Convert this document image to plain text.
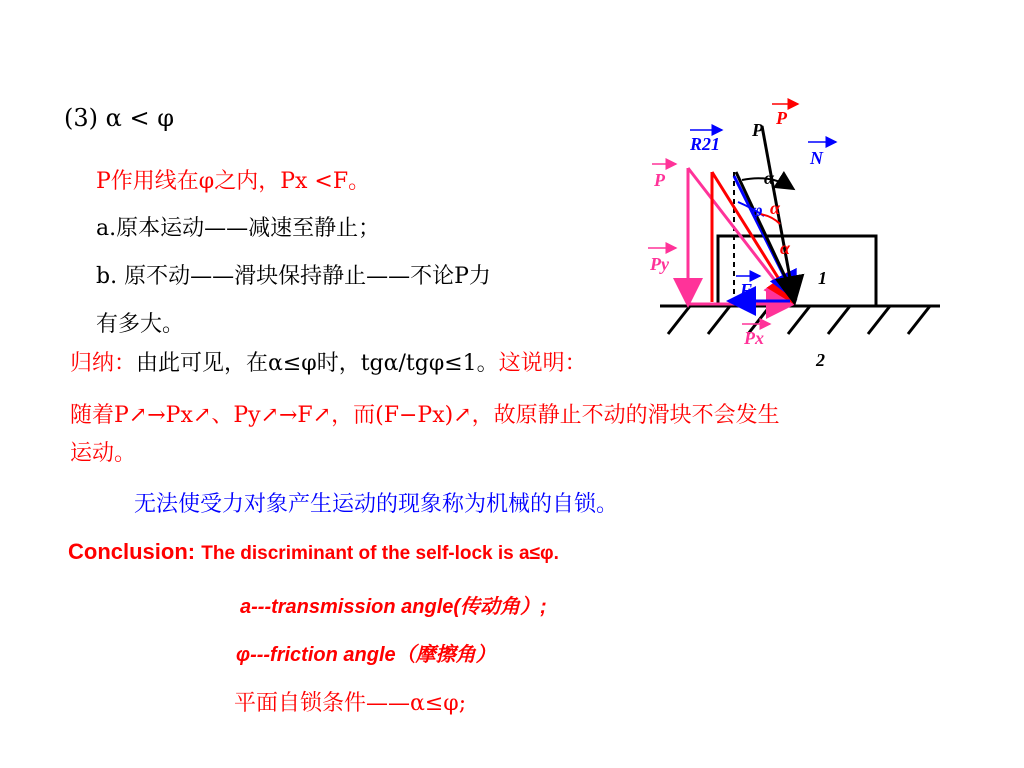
(3) α < φ
P作用线在φ之内，Px <F。
a.原本运动——减速至静止；
b. 原不动——滑块保持静止——不论P力
有多大。
归纳：由此可见，在α≤φ时，tgα/tgφ≤1。这说明：
随着P↗→Px↗、Py↗→F↗，而(F−Px)↗，故原静止不动的滑块不会发生
运动。
无法使受力对象产生运动的现象称为机械的自锁。
Conclusion: The discriminant of the self-lock is a≤φ.
a---transmission angle(传动角）;
φ---friction angle（摩擦角）
平面自锁条件——α≤φ;
P
P
R21
N
P	α
φ α
α
Py
F
Px
1
2
